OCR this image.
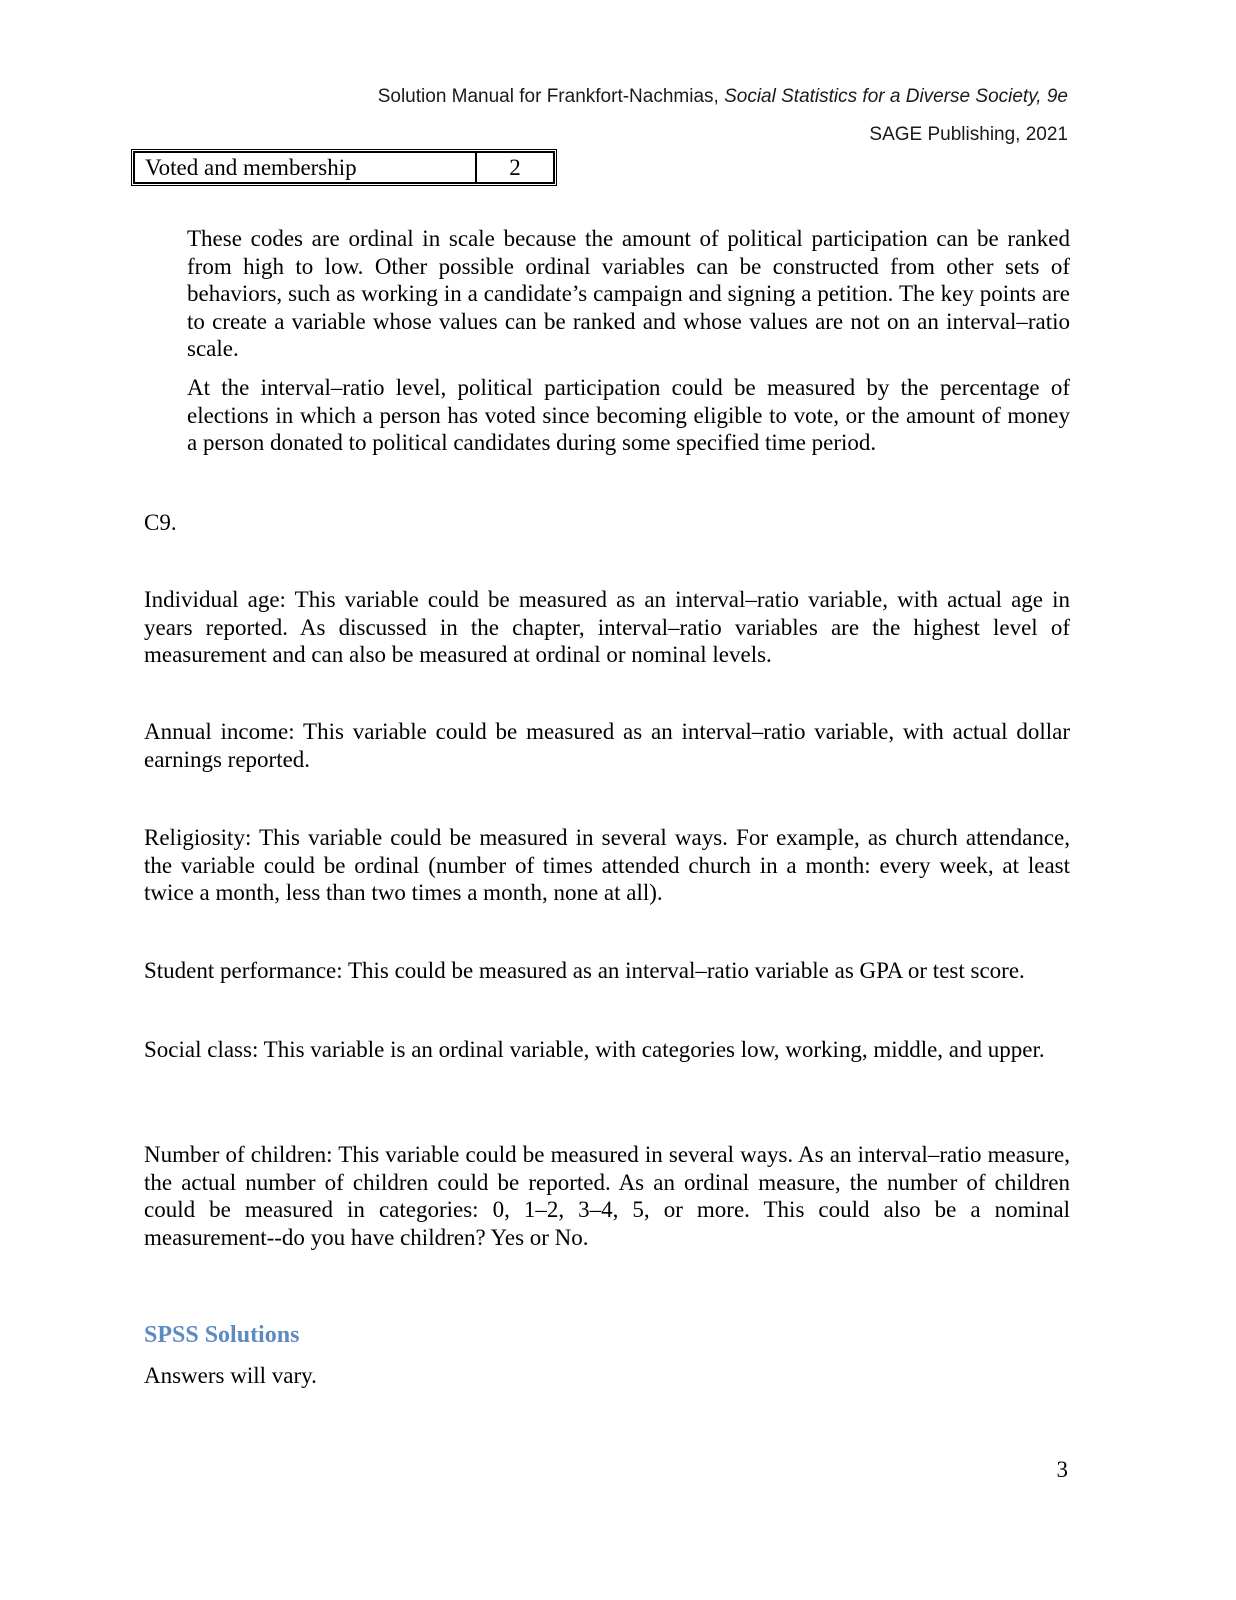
Solution Manual for Frankfort-Nachmias, Social Statistics for a Diverse Society, 9e
SAGE Publishing, 2021
Voted and membership	2

These codes are ordinal in scale because the amount of political participation can be ranked from high to low. Other possible ordinal variables can be constructed from other sets of behaviors, such as working in a candidate’s campaign and signing a petition. The key points are to create a variable whose values can be ranked and whose values are not on an interval–ratio scale.

At the interval–ratio level, political participation could be measured by the percentage of elections in which a person has voted since becoming eligible to vote, or the amount of money a person donated to political candidates during some specified time period.

C9.

Individual age: This variable could be measured as an interval–ratio variable, with actual age in years reported. As discussed in the chapter, interval–ratio variables are the highest level of measurement and can also be measured at ordinal or nominal levels.

Annual income: This variable could be measured as an interval–ratio variable, with actual dollar earnings reported.

Religiosity: This variable could be measured in several ways. For example, as church attendance, the variable could be ordinal (number of times attended church in a month: every week, at least twice a month, less than two times a month, none at all).

Student performance: This could be measured as an interval–ratio variable as GPA or test score.

Social class: This variable is an ordinal variable, with categories low, working, middle, and upper.

Number of children: This variable could be measured in several ways. As an interval–ratio measure, the actual number of children could be reported. As an ordinal measure, the number of children could be measured in categories: 0, 1–2, 3–4, 5, or more. This could also be a nominal measurement--do you have children? Yes or No.

SPSS Solutions
Answers will vary.
3
